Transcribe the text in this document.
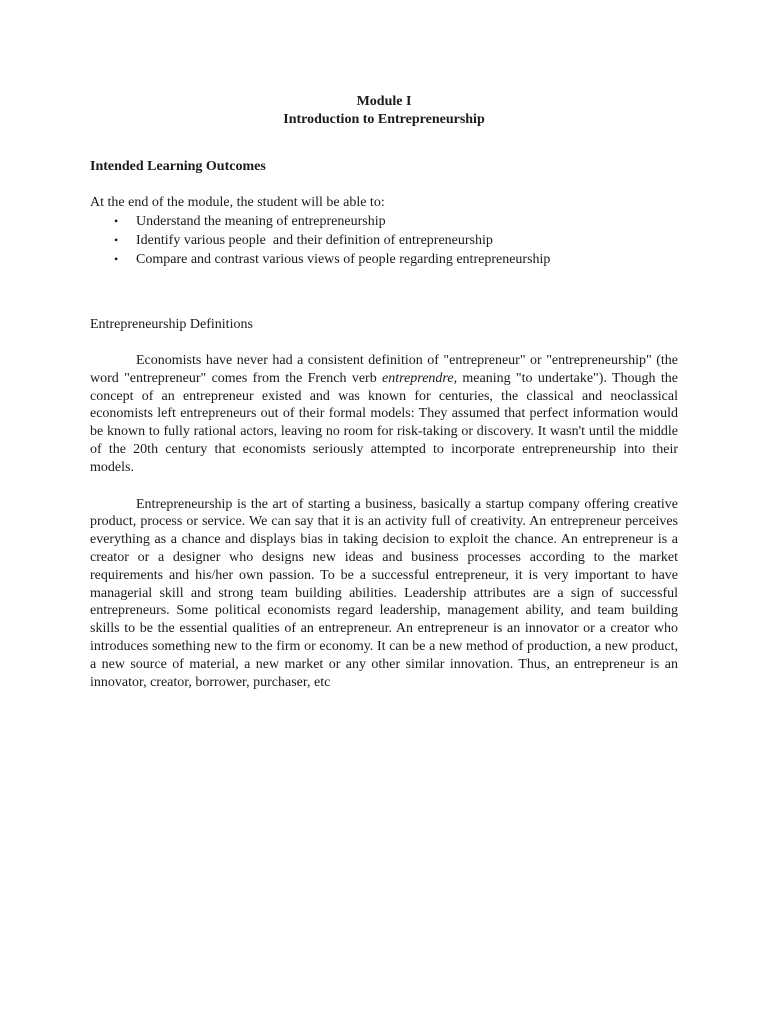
Module I
Introduction to Entrepreneurship
Intended Learning Outcomes
At the end of the module, the student will be able to:
• Understand the meaning of entrepreneurship
• Identify various people  and their definition of entrepreneurship
• Compare and contrast various views of people regarding entrepreneurship
Entrepreneurship Definitions

Economists have never had a consistent definition of "entrepreneur" or "entrepreneurship" (the word "entrepreneur" comes from the French verb entreprendre, meaning "to undertake"). Though the concept of an entrepreneur existed and was known for centuries, the classical and neoclassical economists left entrepreneurs out of their formal models: They assumed that perfect information would be known to fully rational actors, leaving no room for risk-taking or discovery. It wasn't until the middle of the 20th century that economists seriously attempted to incorporate entrepreneurship into their models.

Entrepreneurship is the art of starting a business, basically a startup company offering creative product, process or service. We can say that it is an activity full of creativity. An entrepreneur perceives everything as a chance and displays bias in taking decision to exploit the chance. An entrepreneur is a creator or a designer who designs new ideas and business processes according to the market requirements and his/her own passion. To be a successful entrepreneur, it is very important to have managerial skill and strong team building abilities. Leadership attributes are a sign of successful entrepreneurs. Some political economists regard leadership, management ability, and team building skills to be the essential qualities of an entrepreneur. An entrepreneur is an innovator or a creator who introduces something new to the firm or economy. It can be a new method of production, a new product, a new source of material, a new market or any other similar innovation. Thus, an entrepreneur is an innovator, creator, borrower, purchaser, etc
